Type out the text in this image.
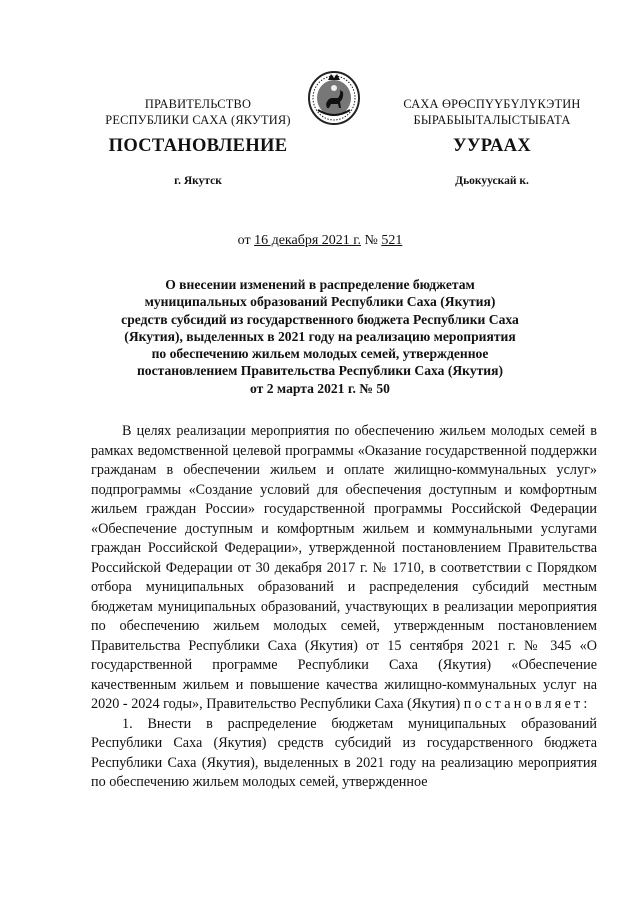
ПРАВИТЕЛЬСТВО
РЕСПУБЛИКИ САХА (ЯКУТИЯ)
САХА ӨРӨСПҮҮБҮЛҮКЭТИН
БЫРАБЫЫТАЛЫСТЫБАТА
ПОСТАНОВЛЕНИЕ	УУРААХ
г. Якутск	Дьокуускай к.
от 16 декабря 2021 г. № 521
О внесении изменений в распределение бюджетам
муниципальных образований Республики Саха (Якутия)
средств субсидий из государственного бюджета Республики Саха
(Якутия), выделенных в 2021 году на реализацию мероприятия
по обеспечению жильем молодых семей, утвержденное
постановлением Правительства Республики Саха (Якутия)
от 2 марта 2021 г. № 50

В целях реализации мероприятия по обеспечению жильем молодых семей в рамках ведомственной целевой программы «Оказание государственной поддержки гражданам в обеспечении жильем и оплате жилищно-коммунальных услуг» подпрограммы «Создание условий для обеспечения доступным и комфортным жильем граждан России» государственной программы Российской Федерации «Обеспечение доступным и комфортным жильем и коммунальными услугами граждан Российской Федерации», утвержденной постановлением Правительства Российской Федерации от 30 декабря 2017 г. № 1710, в соответствии с Порядком отбора муниципальных образований и распределения субсидий местным бюджетам муниципальных образований, участвующих в реализации мероприятия по обеспечению жильем молодых семей, утвержденным постановлением Правительства Республики Саха (Якутия) от 15 сентября 2021 г. № 345 «О государственной программе Республики Саха (Якутия) «Обеспечение качественным жильем и повышение качества жилищно-коммунальных услуг на 2020 - 2024 годы», Правительство Республики Саха (Якутия) постановляет:

1. Внести в распределение бюджетам муниципальных образований Республики Саха (Якутия) средств субсидий из государственного бюджета Республики Саха (Якутия), выделенных в 2021 году на реализацию мероприятия по обеспечению жильем молодых семей, утвержденное
